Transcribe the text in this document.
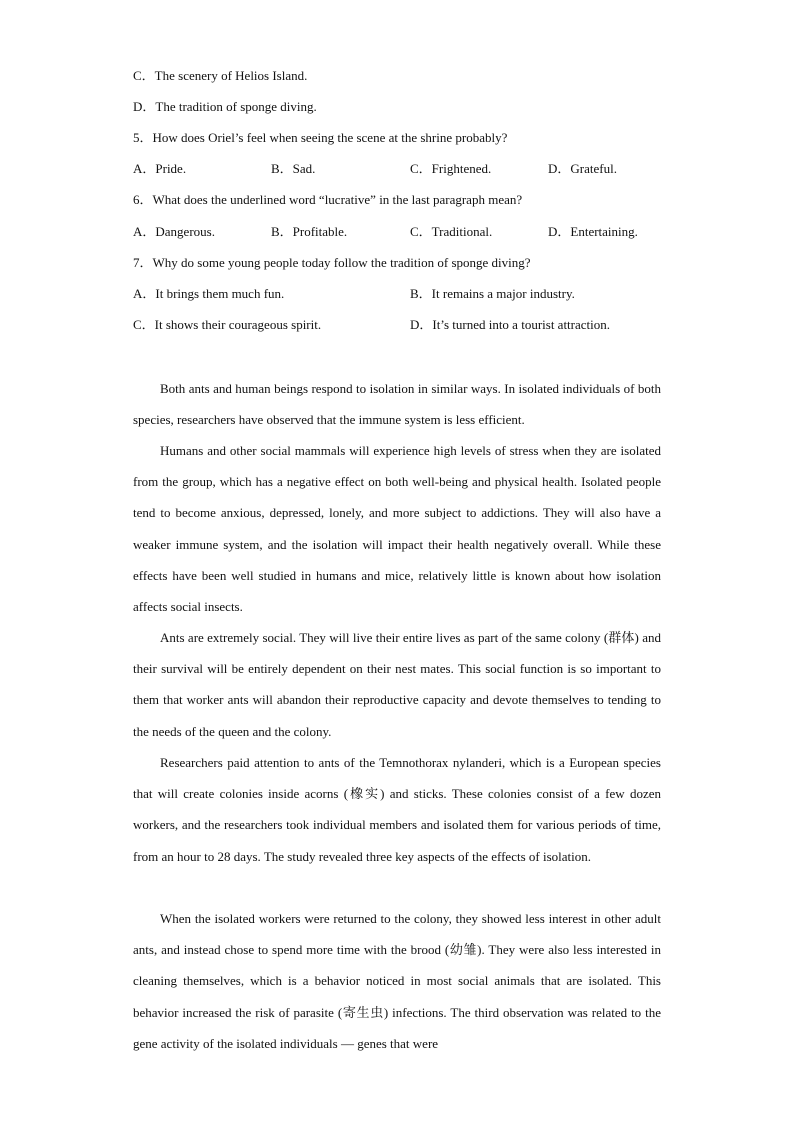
C．The scenery of Helios Island.
D．The tradition of sponge diving.
5．How does Oriel’s feel when seeing the scene at the shrine probably?
A．Pride.	B．Sad.	C．Frightened.	D．Grateful.
6．What does the underlined word “lucrative” in the last paragraph mean?
A．Dangerous.	B．Profitable.	C．Traditional.	D．Entertaining.
7．Why do some young people today follow the tradition of sponge diving?
A．It brings them much fun.	B．It remains a major industry.
C．It shows their courageous spirit.	D．It’s turned into a tourist attraction.

Both ants and human beings respond to isolation in similar ways. In isolated individuals of both species, researchers have observed that the immune system is less efficient.

Humans and other social mammals will experience high levels of stress when they are isolated from the group, which has a negative effect on both well-being and physical health. Isolated people tend to become anxious, depressed, lonely, and more subject to addictions. They will also have a weaker immune system, and the isolation will impact their health negatively overall. While these effects have been well studied in humans and mice, relatively little is known about how isolation affects social insects.

Ants are extremely social. They will live their entire lives as part of the same colony (群体) and their survival will be entirely dependent on their nest mates. This social function is so important to them that worker ants will abandon their reproductive capacity and devote themselves to tending to the needs of the queen and the colony.

Researchers paid attention to ants of the Temnothorax nylanderi, which is a European species that will create colonies inside acorns (橡实) and sticks. These colonies consist of a few dozen workers, and the researchers took individual members and isolated them for various periods of time, from an hour to 28 days. The study revealed three key aspects of the effects of isolation.

When the isolated workers were returned to the colony, they showed less interest in other adult ants, and instead chose to spend more time with the brood (幼雏). They were also less interested in cleaning themselves, which is a behavior noticed in most social animals that are isolated. This behavior increased the risk of parasite (寄生虫) infections. The third observation was related to the gene activity of the isolated individuals — genes that were
